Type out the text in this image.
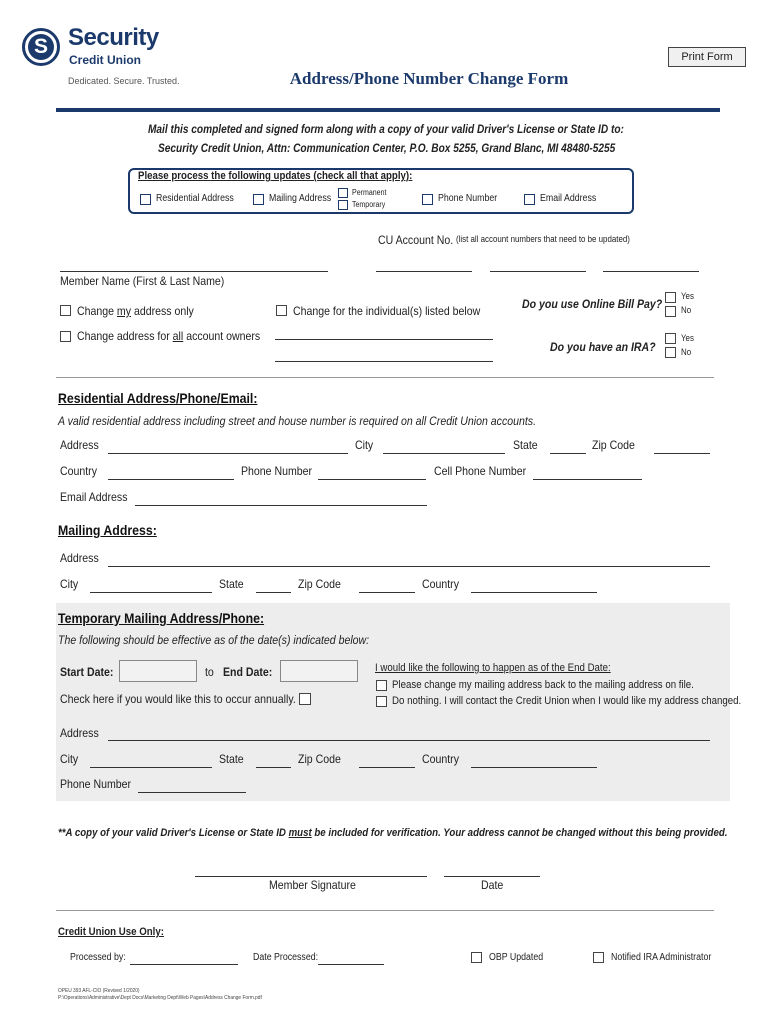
S Security
Credit Union
Dedicated. Secure. Trusted.
Print Form
Address/Phone Number Change Form
Mail this completed and signed form along with a copy of your valid Driver's License or State ID to:
Security Credit Union, Attn: Communication Center, P.O. Box 5255, Grand Blanc, MI 48480-5255
Please process the following updates (check all that apply):
Residential Address	Mailing Address
Permanent
Temporary
Phone Number	Email Address
CU Account No. (list all account numbers that need to be updated)
Member Name (First & Last Name)
Change my address only
Change address for all account owners
Change for the individual(s) listed below	Do you use Online Bill Pay?
Yes
No
Do you have an IRA?
Yes
No
Residential Address/Phone/Email:
A valid residential address including street and house number is required on all Credit Union accounts.
Address	City	State	Zip Code
Country	Phone Number	Cell Phone Number
Email Address
Mailing Address:
Address
City	State	Zip Code	Country
Temporary Mailing Address/Phone:
The following should be effective as of the date(s) indicated below:
Start Date:	to End Date:
Check here if you would like this to occur annually.
I would like the following to happen as of the End Date:
Please change my mailing address back to the mailing address on file.
Do nothing. I will contact the Credit Union when I would like my address changed.
Address
City	State	Zip Code	Country
Phone Number
**A copy of your valid Driver's License or State ID must be included for verification. Your address cannot be changed without this being provided.
Member Signature	Date
Credit Union Use Only:
Processed by:	Date Processed:	OBP Updated	Notified IRA Administrator
OPEU 393 AFL-CIO (Revised 1/2020)
P:\Operations\Administrative\Dept Docs\Marketing Dept\Web Pages\Address Change Form.pdf
